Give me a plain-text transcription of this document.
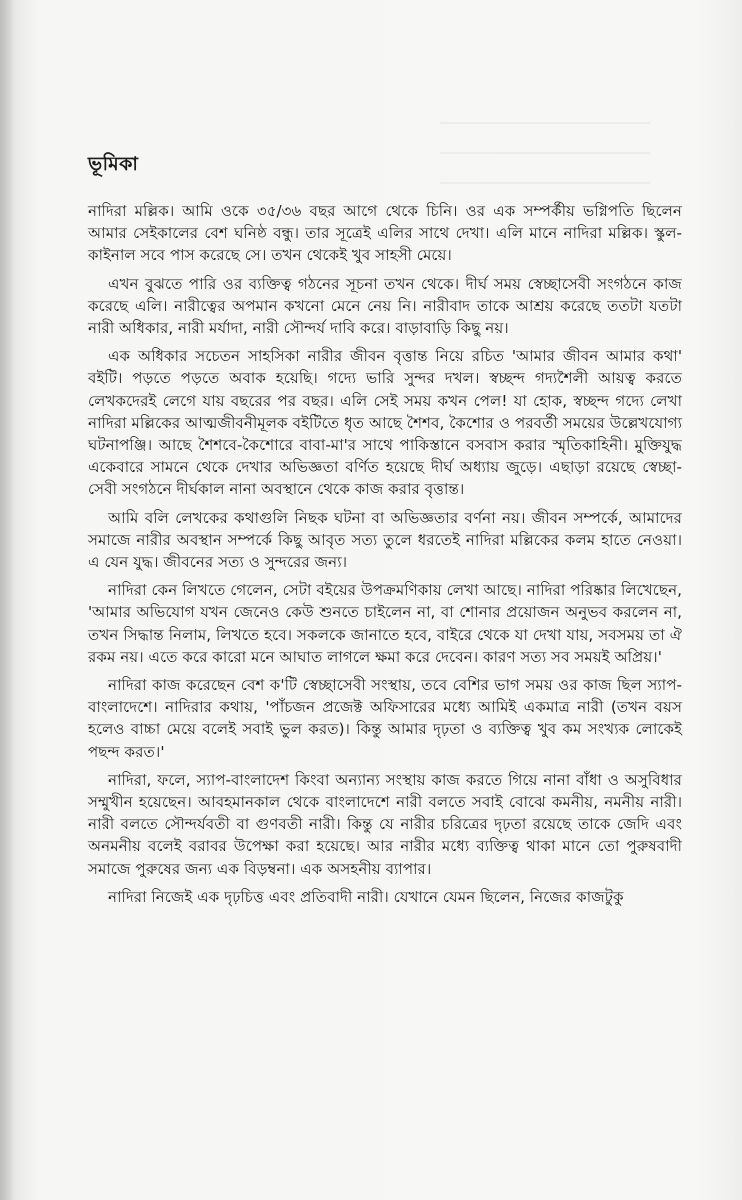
ভূমিকা

নাদিরা মল্লিক। আমি ওকে ৩৫/৩৬ বছর আগে থেকে চিনি। ওর এক সম্পর্কীয় ভগ্নিপতি ছিলেন আমার সেইকালের বেশ ঘনিষ্ঠ বন্ধু। তার সূত্রেই এলির সাথে দেখা। এলি মানে নাদিরা মল্লিক। স্কুল-কাইনাল সবে পাস করেছে সে। তখন থেকেই খুব সাহসী মেয়ে।

এখন বুঝতে পারি ওর ব্যক্তিত্ব গঠনের সূচনা তখন থেকে। দীর্ঘ সময় স্বেচ্ছাসেবী সংগঠনে কাজ করেছে এলি। নারীত্বের অপমান কখনো মেনে নেয় নি। নারীবাদ তাকে আশ্রয় করেছে ততটা যতটা নারী অধিকার, নারী মর্যাদা, নারী সৌন্দর্য দাবি করে। বাড়াবাড়ি কিছু নয়।

এক অধিকার সচেতন সাহসিকা নারীর জীবন বৃত্তান্ত নিয়ে রচিত 'আমার জীবন আমার কথা' বইটি। পড়তে পড়তে অবাক হয়েছি। গদ্যে ভারি সুন্দর দখল। স্বচ্ছন্দ গদ্যশৈলী আয়ত্ব করতে লেখকদেরই লেগে যায় বছরের পর বছর। এলি সেই সময় কখন পেল! যা হোক, স্বচ্ছন্দ গদ্যে লেখা নাদিরা মল্লিকের আত্মজীবনীমূলক বইটিতে ধৃত আছে শৈশব, কৈশোর ও পরবর্তী সময়ের উল্লেখযোগ্য ঘটনাপঞ্জি। আছে শৈশবে-কৈশোরে বাবা-মা'র সাথে পাকিস্তানে বসবাস করার স্মৃতিকাহিনী। মুক্তিযুদ্ধ একেবারে সামনে থেকে দেখার অভিজ্ঞতা বর্ণিত হয়েছে দীর্ঘ অধ্যায় জুড়ে। এছাড়া রয়েছে স্বেচ্ছা-সেবী সংগঠনে দীর্ঘকাল নানা অবস্থানে থেকে কাজ করার বৃত্তান্ত।

আমি বলি লেখকের কথাগুলি নিছক ঘটনা বা অভিজ্ঞতার বর্ণনা নয়। জীবন সম্পর্কে, আমাদের সমাজে নারীর অবস্থান সম্পর্কে কিছু আবৃত সত্য তুলে ধরতেই নাদিরা মল্লিকের কলম হাতে নেওয়া। এ যেন যুদ্ধ। জীবনের সত্য ও সুন্দরের জন্য।

নাদিরা কেন লিখতে গেলেন, সেটা বইয়ের উপক্রমণিকায় লেখা আছে। নাদিরা পরিষ্কার লিখেছেন, 'আমার অভিযোগ যখন জেনেও কেউ শুনতে চাইলেন না, বা শোনার প্রয়োজন অনুভব করলেন না, তখন সিদ্ধান্ত নিলাম, লিখতে হবে। সকলকে জানাতে হবে, বাইরে থেকে যা দেখা যায়, সবসময় তা ঐ রকম নয়। এতে করে কারো মনে আঘাত লাগলে ক্ষমা করে দেবেন। কারণ সত্য সব সময়ই অপ্রিয়।'

নাদিরা কাজ করেছেন বেশ ক'টি স্বেচ্ছাসেবী সংস্থায়, তবে বেশির ভাগ সময় ওর কাজ ছিল স্যাপ-বাংলাদেশে। নাদিরার কথায়, 'পাঁচজন প্রজেক্ট অফিসারের মধ্যে আমিই একমাত্র নারী (তখন বয়স হলেও বাচ্চা মেয়ে বলেই সবাই ভুল করত)। কিন্তু আমার দৃঢ়তা ও ব্যক্তিত্ব খুব কম সংখ্যক লোকেই পছন্দ করত।'

নাদিরা, ফলে, স্যাপ-বাংলাদেশ কিংবা অন্যান্য সংস্থায় কাজ করতে গিয়ে নানা বাঁধা ও অসুবিধার সম্মুখীন হয়েছেন। আবহমানকাল থেকে বাংলাদেশে নারী বলতে সবাই বোঝে কমনীয়, নমনীয় নারী। নারী বলতে সৌন্দর্যবতী বা গুণবতী নারী। কিন্তু যে নারীর চরিত্রের দৃঢ়তা রয়েছে তাকে জেদি এবং অনমনীয় বলেই বরাবর উপেক্ষা করা হয়েছে। আর নারীর মধ্যে ব্যক্তিত্ব থাকা মানে তো পুরুষবাদী সমাজে পুরুষের জন্য এক বিড়ম্বনা। এক অসহনীয় ব্যাপার।

নাদিরা নিজেই এক দৃঢ়চিত্ত এবং প্রতিবাদী নারী। যেখানে যেমন ছিলেন, নিজের কাজটুকু
